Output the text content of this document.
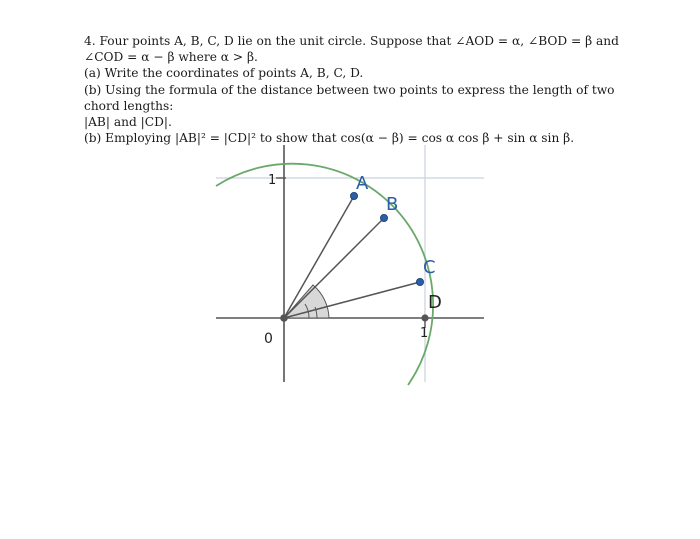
4. Four points A, B, C, D lie on the unit circle. Suppose that ∠AOD = α, ∠BOD = β and

∠COD = α − β where α > β.

(a) Write the coordinates of points A, B, C, D.

(b) Using the formula of the distance between two points to express the length of two chord lengths:

|AB| and |CD|.

(b) Employing |AB|² = |CD|² to show that cos(α − β) = cos α cos β + sin α sin β.

1
1
0
A
B
C
D
